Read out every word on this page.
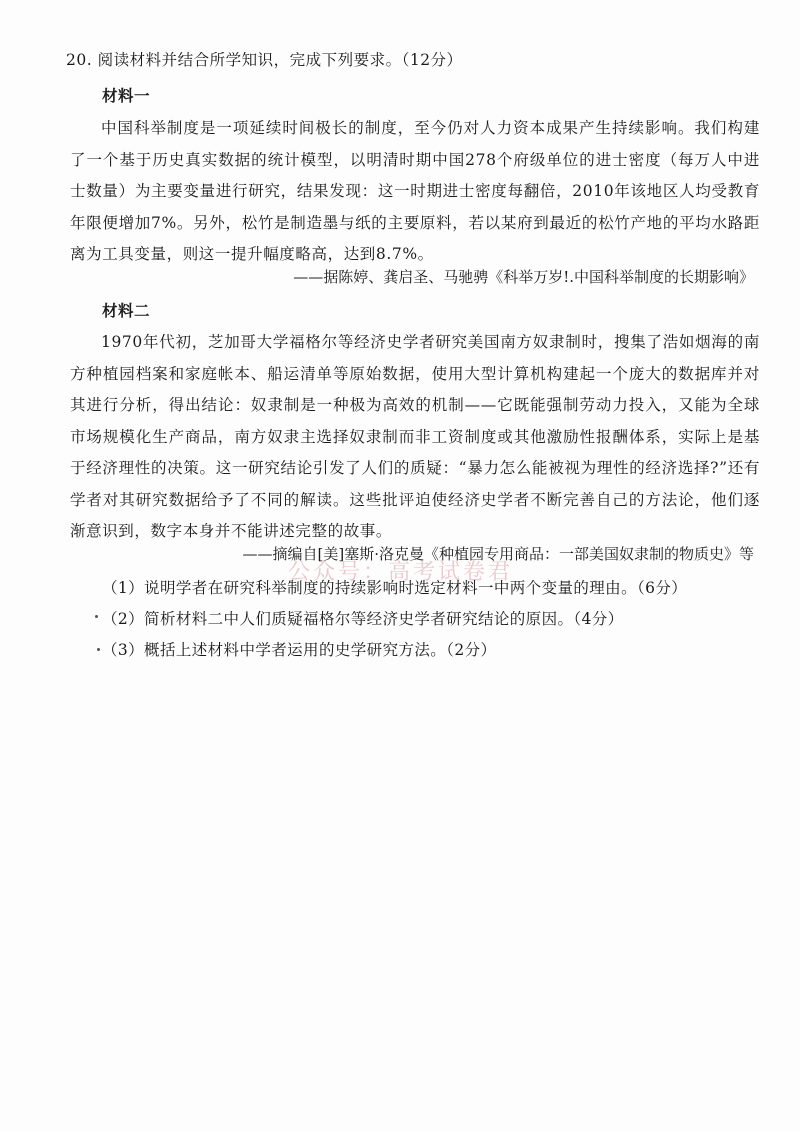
20. 阅读材料并结合所学知识，完成下列要求。（12分）
材料一
中国科举制度是一项延续时间极长的制度，至今仍对人力资本成果产生持续影响。我们构建了一个基于历史真实数据的统计模型，以明清时期中国278个府级单位的进士密度（每万人中进士数量）为主要变量进行研究，结果发现：这一时期进士密度每翻倍，2010年该地区人均受教育年限便增加7%。另外，松竹是制造墨与纸的主要原料，若以某府到最近的松竹产地的平均水路距离为工具变量，则这一提升幅度略高，达到8.7%。
——据陈婷、龚启圣、马驰骋《科举万岁!.中国科举制度的长期影响》
材料二
1970年代初，芝加哥大学福格尔等经济史学者研究美国南方奴隶制时，搜集了浩如烟海的南方种植园档案和家庭帐本、船运清单等原始数据，使用大型计算机构建起一个庞大的数据库并对其进行分析，得出结论：奴隶制是一种极为高效的机制——它既能强制劳动力投入，又能为全球市场规模化生产商品，南方奴隶主选择奴隶制而非工资制度或其他激励性报酬体系，实际上是基于经济理性的决策。这一研究结论引发了人们的质疑：“暴力怎么能被视为理性的经济选择?”还有学者对其研究数据给予了不同的解读。这些批评迫使经济史学者不断完善自己的方法论，他们逐渐意识到，数字本身并不能讲述完整的故事。
——摘编自[美]塞斯·洛克曼《种植园专用商品：一部美国奴隶制的物质史》等
公众号：高考试卷君
（1）说明学者在研究科举制度的持续影响时选定材料一中两个变量的理由。（6分）
（2）简析材料二中人们质疑福格尔等经济史学者研究结论的原因。（4分）
（3）概括上述材料中学者运用的史学研究方法。（2分）
